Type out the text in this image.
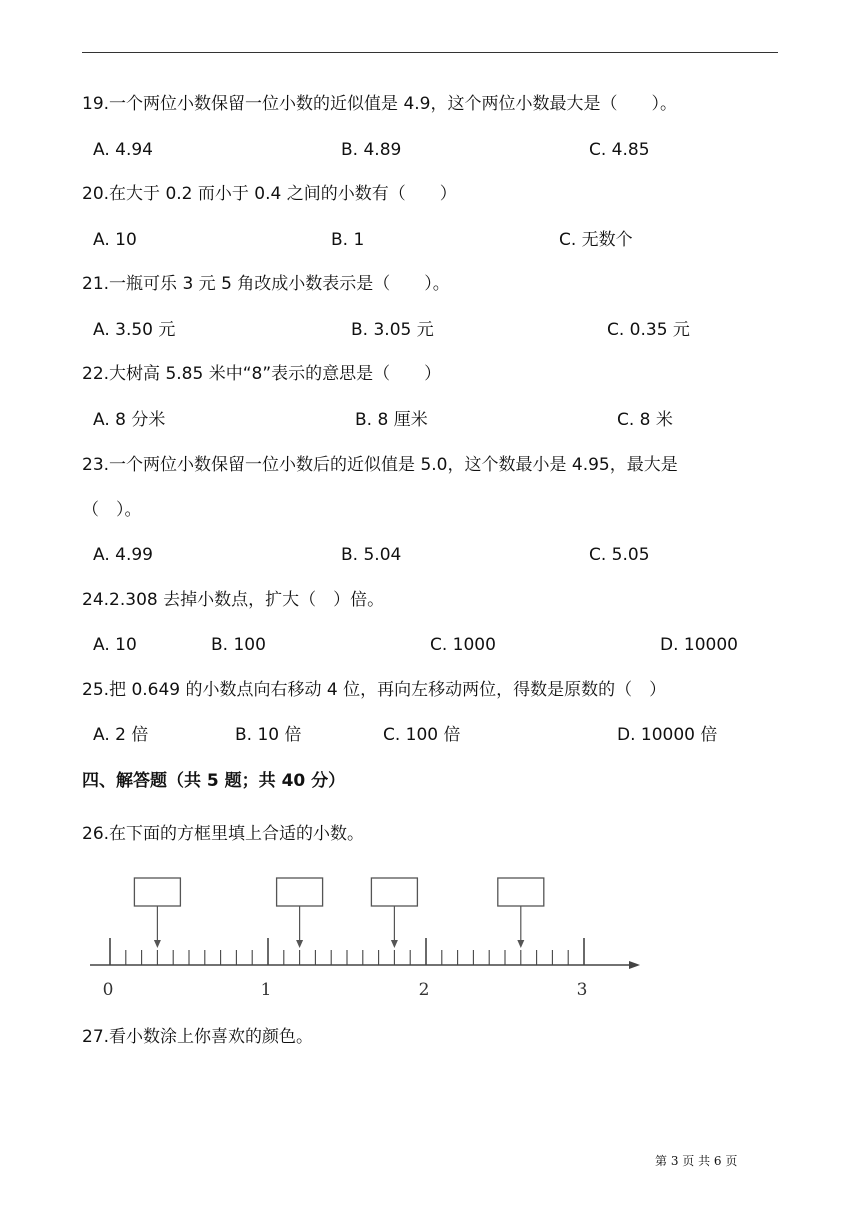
19.一个两位小数保留一位小数的近似值是 4.9，这个两位小数最大是（　　）。
A. 4.94	B. 4.89	C. 4.85
20.在大于 0.2 而小于 0.4 之间的小数有（　　）
A. 10	B. 1	C. 无数个
21.一瓶可乐 3 元 5 角改成小数表示是（　　）。
A. 3.50 元	B. 3.05 元	C. 0.35 元
22.大树高 5.85 米中“8”表示的意思是（　　）
A. 8 分米	B. 8 厘米	C. 8 米
23.一个两位小数保留一位小数后的近似值是 5.0，这个数最小是 4.95，最大是
（　）。
A. 4.99	B. 5.04	C. 5.05
24.2.308 去掉小数点，扩大（　）倍。
A. 10	B. 100	C. 1000	D. 10000
25.把 0.649 的小数点向右移动 4 位，再向左移动两位，得数是原数的（　）
A. 2 倍	B. 10 倍	C. 100 倍	D. 10000 倍
四、解答题（共 5 题；共 40 分）
26.在下面的方框里填上合适的小数。
0	1	2	3
27.看小数涂上你喜欢的颜色。
第 3 页 共 6 页
